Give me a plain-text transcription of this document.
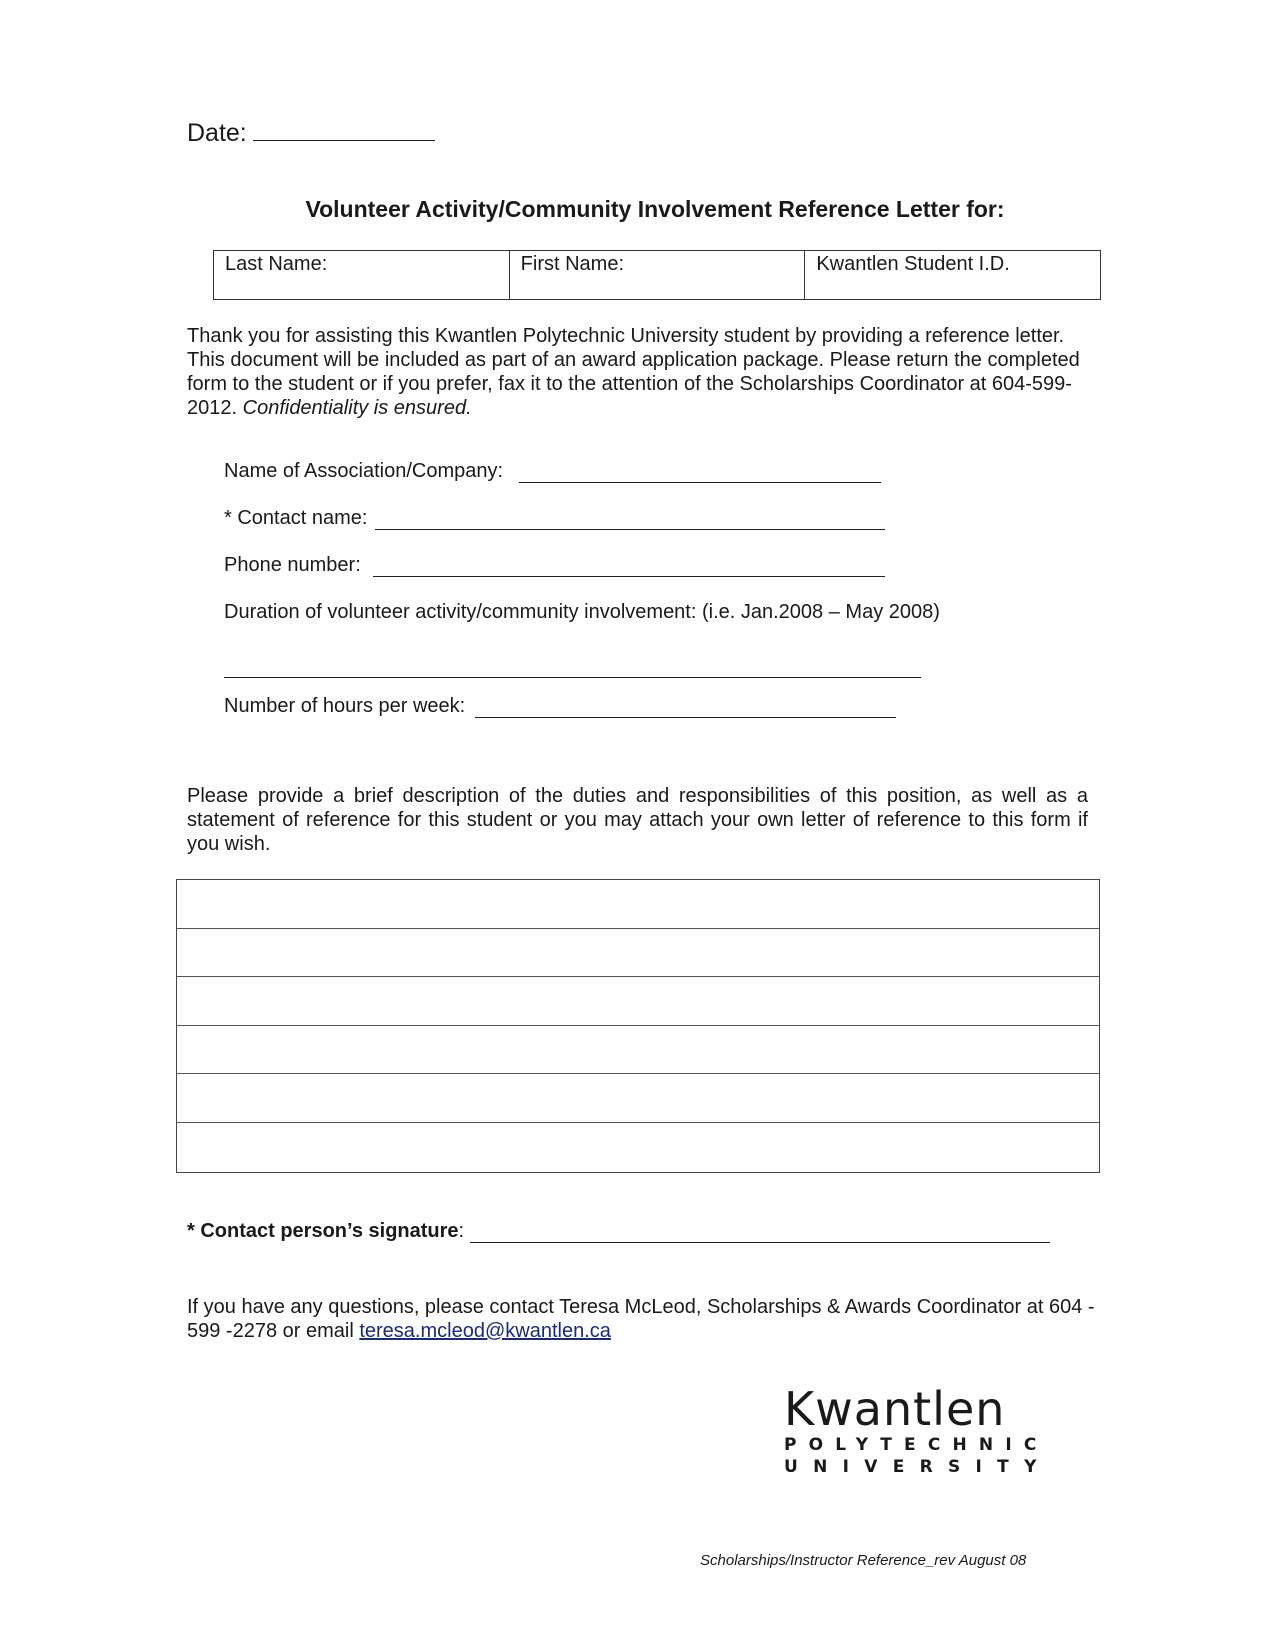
Date:
Volunteer Activity/Community Involvement Reference Letter for:
Last Name:	First Name:	Kwantlen Student I.D.
Thank you for assisting this Kwantlen Polytechnic University student by providing a reference letter. This document will be included as part of an award application package. Please return the completed form to the student or if you prefer, fax it to the attention of the Scholarships Coordinator at 604-599-2012. Confidentiality is ensured.
Name of Association/Company:
* Contact name:
Phone number:
Duration of volunteer activity/community involvement: (i.e. Jan.2008 – May 2008)
Number of hours per week:
Please provide a brief description of the duties and responsibilities of this position, as well as a statement of reference for this student or you may attach your own letter of reference to this form if you wish.
* Contact person’s signature :
If you have any questions, please contact Teresa McLeod, Scholarships & Awards Coordinator at 604 - 599 -2278 or email teresa.mcleod@kwantlen.ca
Kwantlen
POLYTECHNIC
UNIVERSITY
Scholarships/Instructor Reference_rev August 08
